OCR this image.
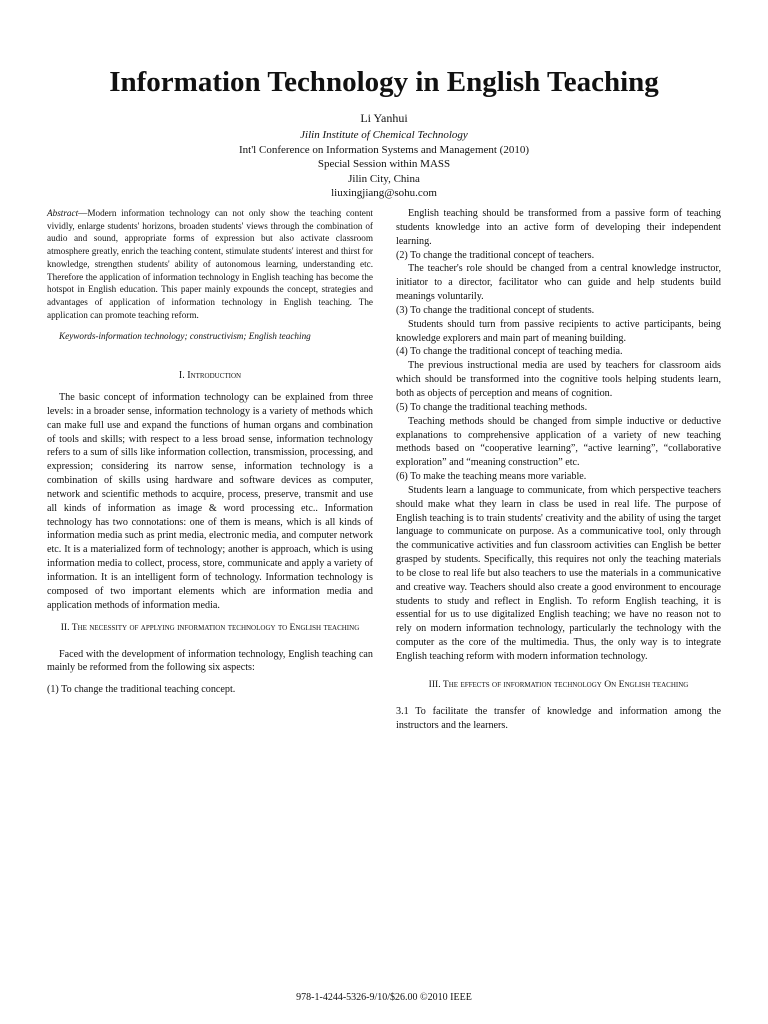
Information Technology in English Teaching
Li Yanhui
Jilin Institute of Chemical Technology
Int'l Conference on Information Systems and Management (2010)
Special Session within MASS
Jilin City, China
liuxingjiang@sohu.com

Abstract—Modern information technology can not only show the teaching content vividly, enlarge students' horizons, broaden students' views through the combination of audio and sound, appropriate forms of expression but also activate classroom atmosphere greatly, enrich the teaching content, stimulate students' interest and thirst for knowledge, strengthen students' ability of autonomous learning, understanding etc. Therefore the application of information technology in English teaching has become the hotspot in English education. This paper mainly expounds the concept, strategies and advantages of application of information technology in English teaching. The application can promote teaching reform.

Keywords-information technology; constructivism; English teaching

I. Introduction

The basic concept of information technology can be explained from three levels: in a broader sense, information technology is a variety of methods which can make full use and expand the functions of human organs and combination of tools and skills; with respect to a less broad sense, information technology refers to a sum of sills like information collection, transmission, processing, and expression; considering its narrow sense, information technology is a combination of skills using hardware and software devices as computer, network and scientific methods to acquire, process, preserve, transmit and use all kinds of information as image & word processing etc.. Information technology has two connotations: one of them is means, which is all kinds of information media such as print media, electronic media, and computer network etc. It is a materialized form of technology; another is approach, which is using information media to collect, process, store, communicate and apply a variety of information. It is an intelligent form of technology. Information technology is composed of two important elements which are information media and application methods of information media.

II. The necessity of applying information technology to English teaching

Faced with the development of information technology, English teaching can mainly be reformed from the following six aspects:

(1) To change the traditional teaching concept.

English teaching should be transformed from a passive form of teaching students knowledge into an active form of developing their independent learning.

(2) To change the traditional concept of teachers.

The teacher's role should be changed from a central knowledge instructor, initiator to a director, facilitator who can guide and help students build meanings voluntarily.

(3) To change the traditional concept of students.

Students should turn from passive recipients to active participants, being knowledge explorers and main part of meaning building.

(4) To change the traditional concept of teaching media.

The previous instructional media are used by teachers for classroom aids which should be transformed into the cognitive tools helping students learn, both as objects of perception and means of cognition.

(5) To change the traditional teaching methods.

Teaching methods should be changed from simple inductive or deductive explanations to comprehensive application of a variety of new teaching methods based on “cooperative learning”, “active learning”, “collaborative exploration” and “meaning construction” etc.

(6) To make the teaching means more variable.

Students learn a language to communicate, from which perspective teachers should make what they learn in class be used in real life. The purpose of English teaching is to train students' creativity and the ability of using the target language to communicate on purpose. As a communicative tool, only through the communicative activities and fun classroom activities can English be better grasped by students. Specifically, this requires not only the teaching materials to be close to real life but also teachers to use the materials in a communicative and creative way. Teachers should also create a good environment to encourage students to study and reflect in English. To reform English teaching, it is essential for us to use digitalized English teaching; we have no reason not to rely on modern information technology, particularly the technology with the computer as the core of the multimedia. Thus, the only way is to integrate English teaching reform with modern information technology.

III. The effects of information technology On English teaching

3.1 To facilitate the transfer of knowledge and information among the instructors and the learners.

978-1-4244-5326-9/10/$26.00 ©2010 IEEE
